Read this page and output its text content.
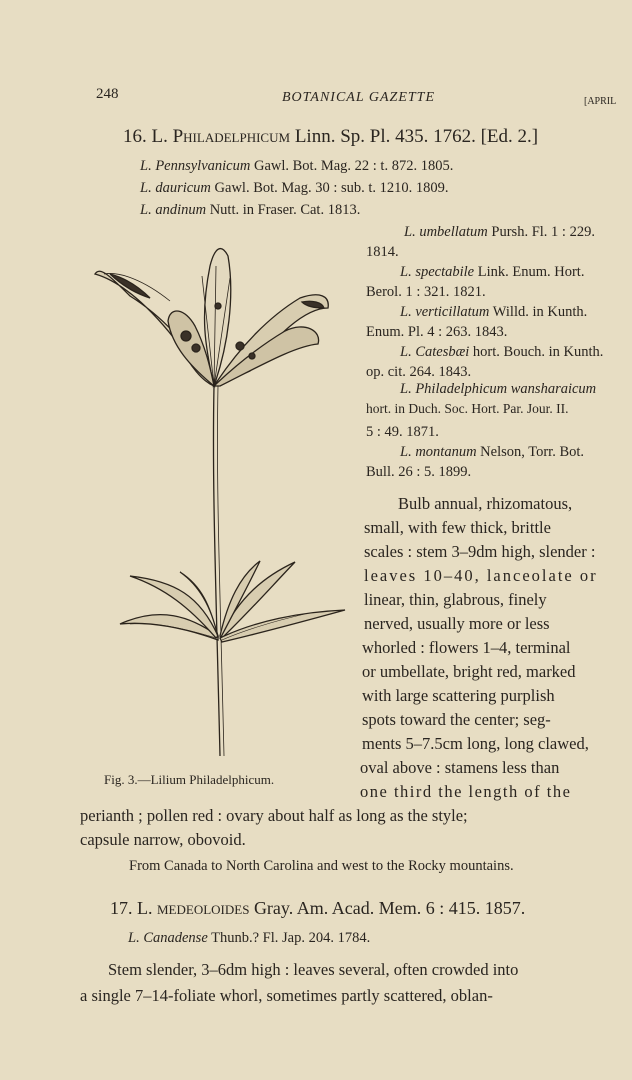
248	BOTANICAL GAZETTE	[APRIL
16. L. Philadelphicum Linn. Sp. Pl. 435. 1762. [Ed. 2.]
L. Pennsylvanicum Gawl. Bot. Mag. 22 : t. 872. 1805.
L. dauricum Gawl. Bot. Mag. 30 : sub. t. 1210. 1809.
L. andinum Nutt. in Fraser. Cat. 1813.
L. umbellatum Pursh. Fl. 1 : 229.
1814.
L. spectabile Link. Enum. Hort.
Berol. 1 : 321. 1821.
L. verticillatum Willd. in Kunth.
Enum. Pl. 4 : 263. 1843.
L. Catesbæi hort. Bouch. in Kunth.
op. cit. 264. 1843.
L. Philadelphicum wansharaicum
hort. in Duch. Soc. Hort. Par. Jour. II.
5 : 49. 1871.
L. montanum Nelson, Torr. Bot.
Bull. 26 : 5. 1899.
Bulb annual, rhizomatous,
small, with few thick, brittle
scales : stem 3–9dm high, slender :
leaves 10–40, lanceolate or
linear, thin, glabrous, finely
nerved, usually more or less
whorled : flowers 1–4, terminal
or umbellate, bright red, marked
with large scattering purplish
spots toward the center; seg-
ments 5–7.5cm long, long clawed,
oval above : stamens less than
one third the length of the
Fig. 3.—Lilium Philadelphicum.
perianth ; pollen red : ovary about half as long as the style;
capsule narrow, obovoid.
From Canada to North Carolina and west to the Rocky mountains.
17. L. medeoloides Gray. Am. Acad. Mem. 6 : 415. 1857.
L. Canadense Thunb.? Fl. Jap. 204. 1784.
Stem slender, 3–6dm high : leaves several, often crowded into
a single 7–14-foliate whorl, sometimes partly scattered, oblan-
